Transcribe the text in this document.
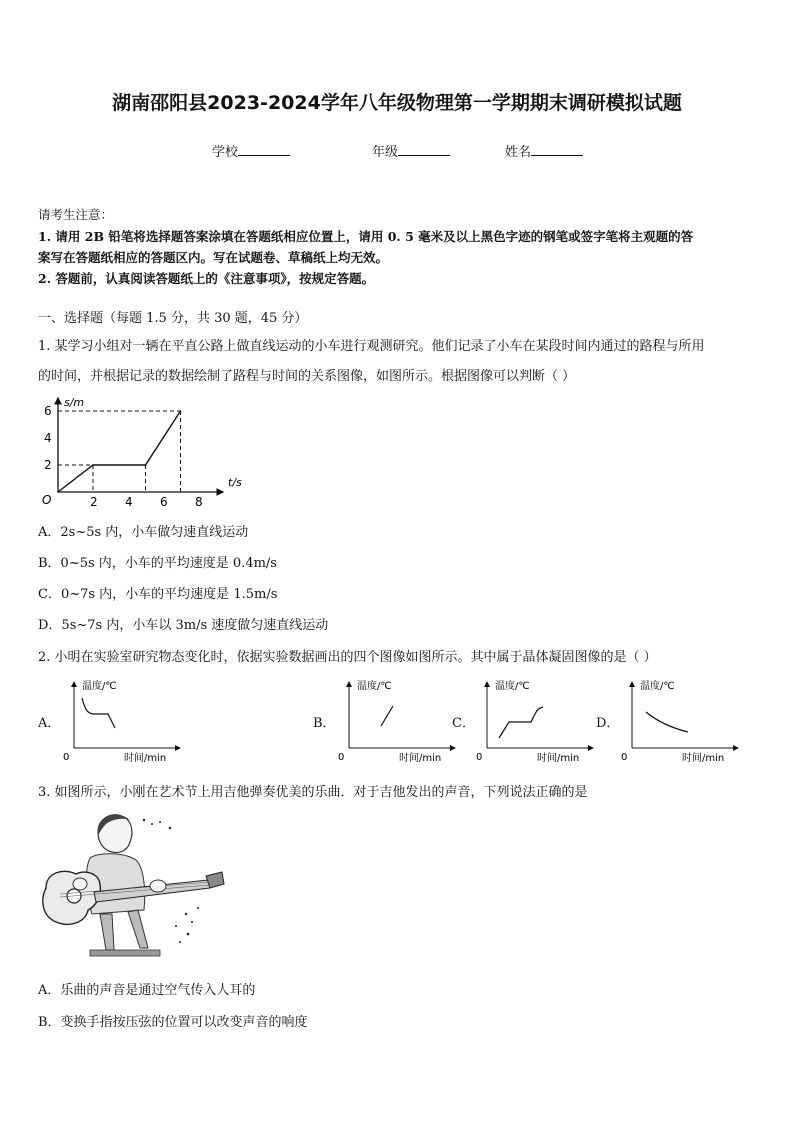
湖南邵阳县2023-2024学年八年级物理第一学期期末调研模拟试题
学校	年级	姓名
请考生注意：
1. 请用 2B 铅笔将选择题答案涂填在答题纸相应位置上，请用 0. 5 毫米及以上黑色字迹的钢笔或签字笔将主观题的答
案写在答题纸相应的答题区内。写在试题卷、草稿纸上均无效。
2. 答题前，认真阅读答题纸上的《注意事项》，按规定答题。
一、选择题（每题 1.5 分，共 30 题，45 分）
1. 某学习小组对一辆在平直公路上做直线运动的小车进行观测研究。他们记录了小车在某段时间内通过的路程与所用
的时间，并根据记录的数据绘制了路程与时间的关系图像，如图所示。根据图像可以判断（ ）
2 4 6 8
2
4
6
O
t/s
s/m
A．2s~5s 内，小车做匀速直线运动
B．0~5s 内，小车的平均速度是 0.4m/s
C．0~7s 内，小车的平均速度是 1.5m/s
D．5s~7s 内，小车以 3m/s 速度做匀速直线运动
2. 小明在实验室研究物态变化时，依据实验数据画出的四个图像如图所示。其中属于晶体凝固图像的是（ ）
A．	B．	C．	D．
温度/℃
时间/min
0
温度/℃
时间/min
0
温度/℃
时间/min
0
温度/℃
时间/min
0
3. 如图所示，小刚在艺术节上用吉他弹奏优美的乐曲．对于吉他发出的声音，下列说法正确的是
A．乐曲的声音是通过空气传入人耳的
B．变换手指按压弦的位置可以改变声音的响度
